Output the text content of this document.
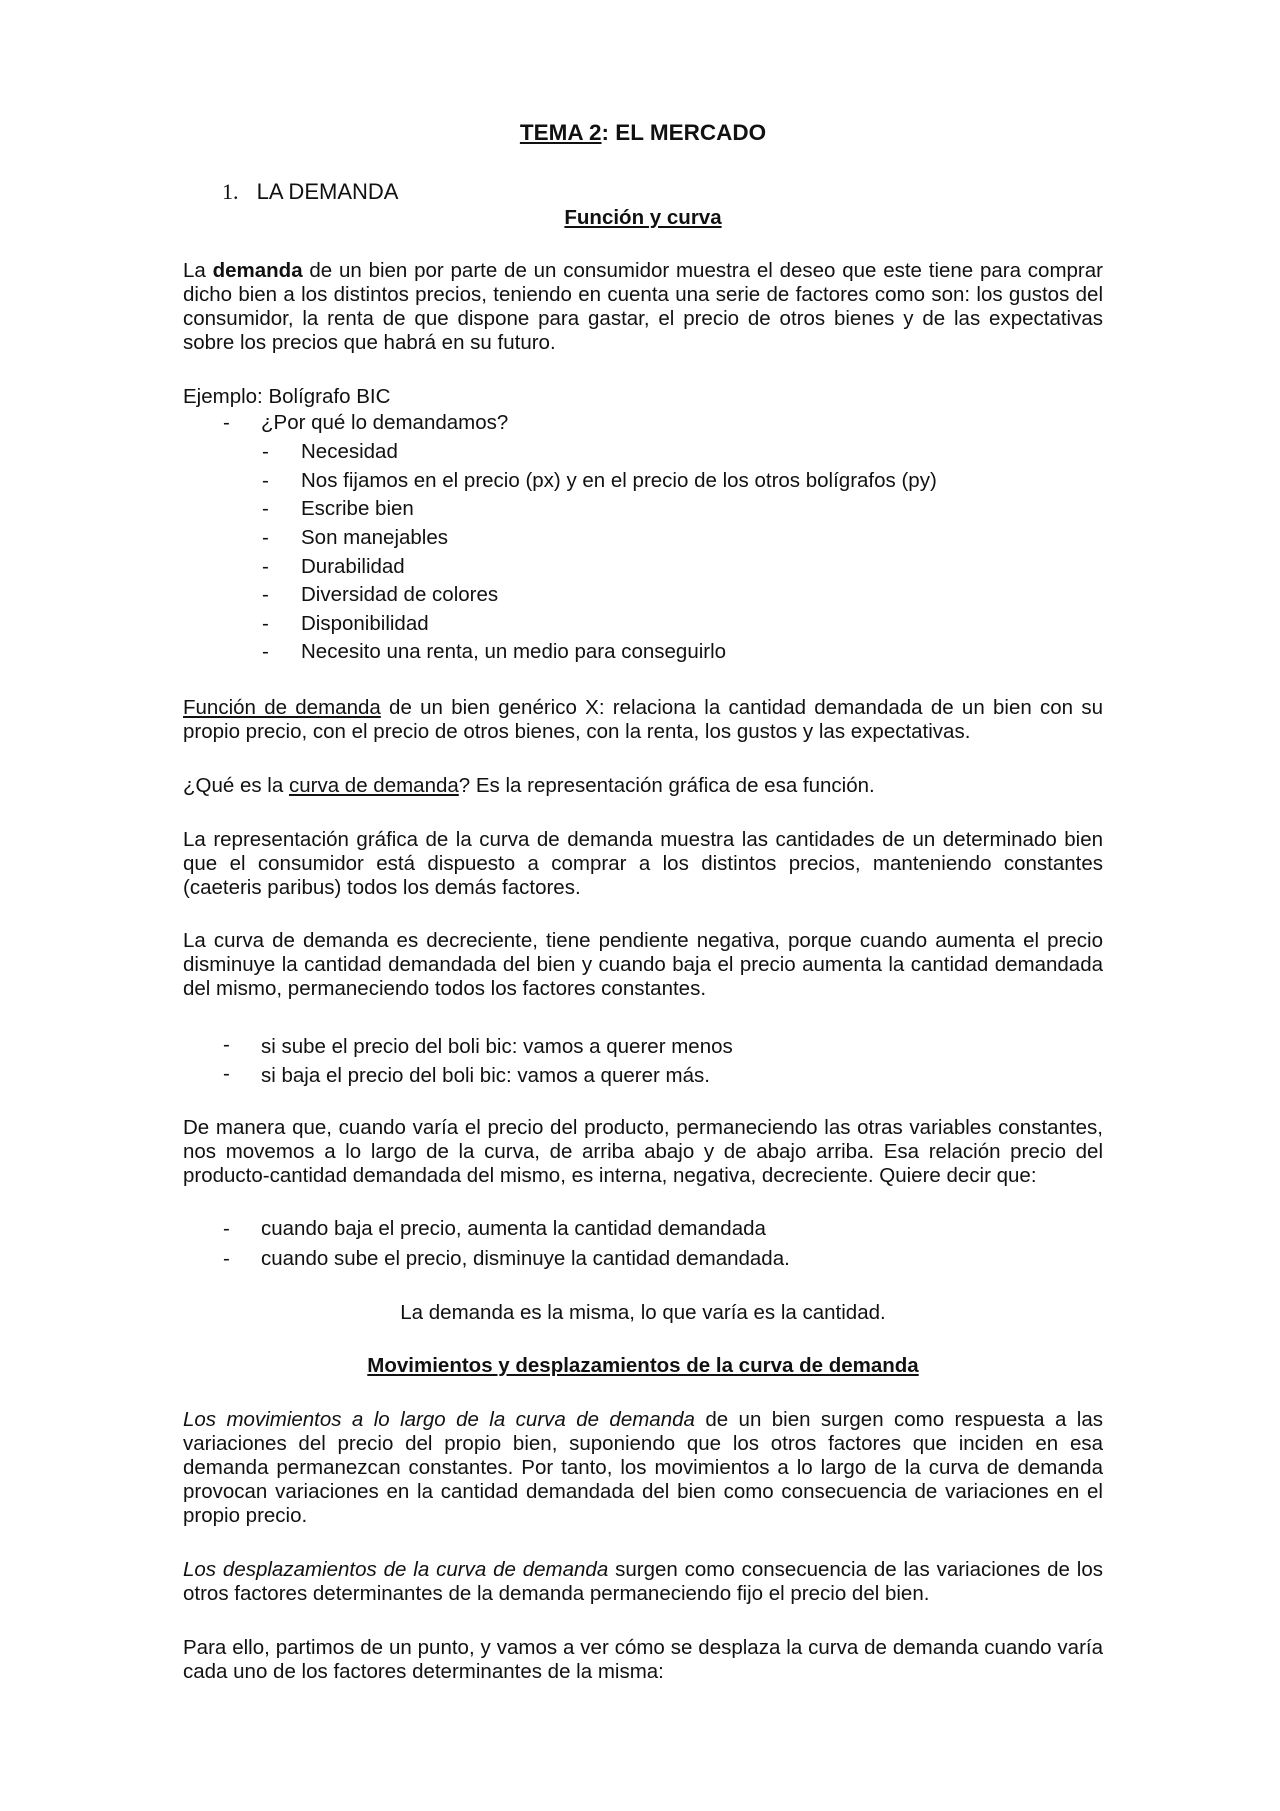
TEMA 2: EL MERCADO
1. LA DEMANDA
Función y curva
La demanda de un bien por parte de un consumidor muestra el deseo que este tiene para comprar dicho bien a los distintos precios, teniendo en cuenta una serie de factores como son: los gustos del consumidor, la renta de que dispone para gastar, el precio de otros bienes y de las expectativas sobre los precios que habrá en su futuro.
Ejemplo: Bolígrafo BIC
- ¿Por qué lo demandamos?
- Necesidad
- Nos fijamos en el precio (px) y en el precio de los otros bolígrafos (py)
- Escribe bien
- Son manejables
- Durabilidad
- Diversidad de colores
- Disponibilidad
- Necesito una renta, un medio para conseguirlo
Función de demanda de un bien genérico X: relaciona la cantidad demandada de un bien con su propio precio, con el precio de otros bienes, con la renta, los gustos y las expectativas.
¿Qué es la curva de demanda? Es la representación gráfica de esa función.
La representación gráfica de la curva de demanda muestra las cantidades de un determinado bien que el consumidor está dispuesto a comprar a los distintos precios, manteniendo constantes (caeteris paribus) todos los demás factores.
La curva de demanda es decreciente, tiene pendiente negativa, porque cuando aumenta el precio disminuye la cantidad demandada del bien y cuando baja el precio aumenta la cantidad demandada del mismo, permaneciendo todos los factores constantes.
- si sube el precio del boli bic: vamos a querer menos
- si baja el precio del boli bic: vamos a querer más.
De manera que, cuando varía el precio del producto, permaneciendo las otras variables constantes, nos movemos a lo largo de la curva, de arriba abajo y de abajo arriba. Esa relación precio del producto-cantidad demandada del mismo, es interna, negativa, decreciente. Quiere decir que:
- cuando baja el precio, aumenta la cantidad demandada
- cuando sube el precio, disminuye la cantidad demandada.
La demanda es la misma, lo que varía es la cantidad.
Movimientos y desplazamientos de la curva de demanda
Los movimientos a lo largo de la curva de demanda de un bien surgen como respuesta a las variaciones del precio del propio bien, suponiendo que los otros factores que inciden en esa demanda permanezcan constantes. Por tanto, los movimientos a lo largo de la curva de demanda provocan variaciones en la cantidad demandada del bien como consecuencia de variaciones en el propio precio.
Los desplazamientos de la curva de demanda surgen como consecuencia de las variaciones de los otros factores determinantes de la demanda permaneciendo fijo el precio del bien.
Para ello, partimos de un punto, y vamos a ver cómo se desplaza la curva de demanda cuando varía cada uno de los factores determinantes de la misma:
